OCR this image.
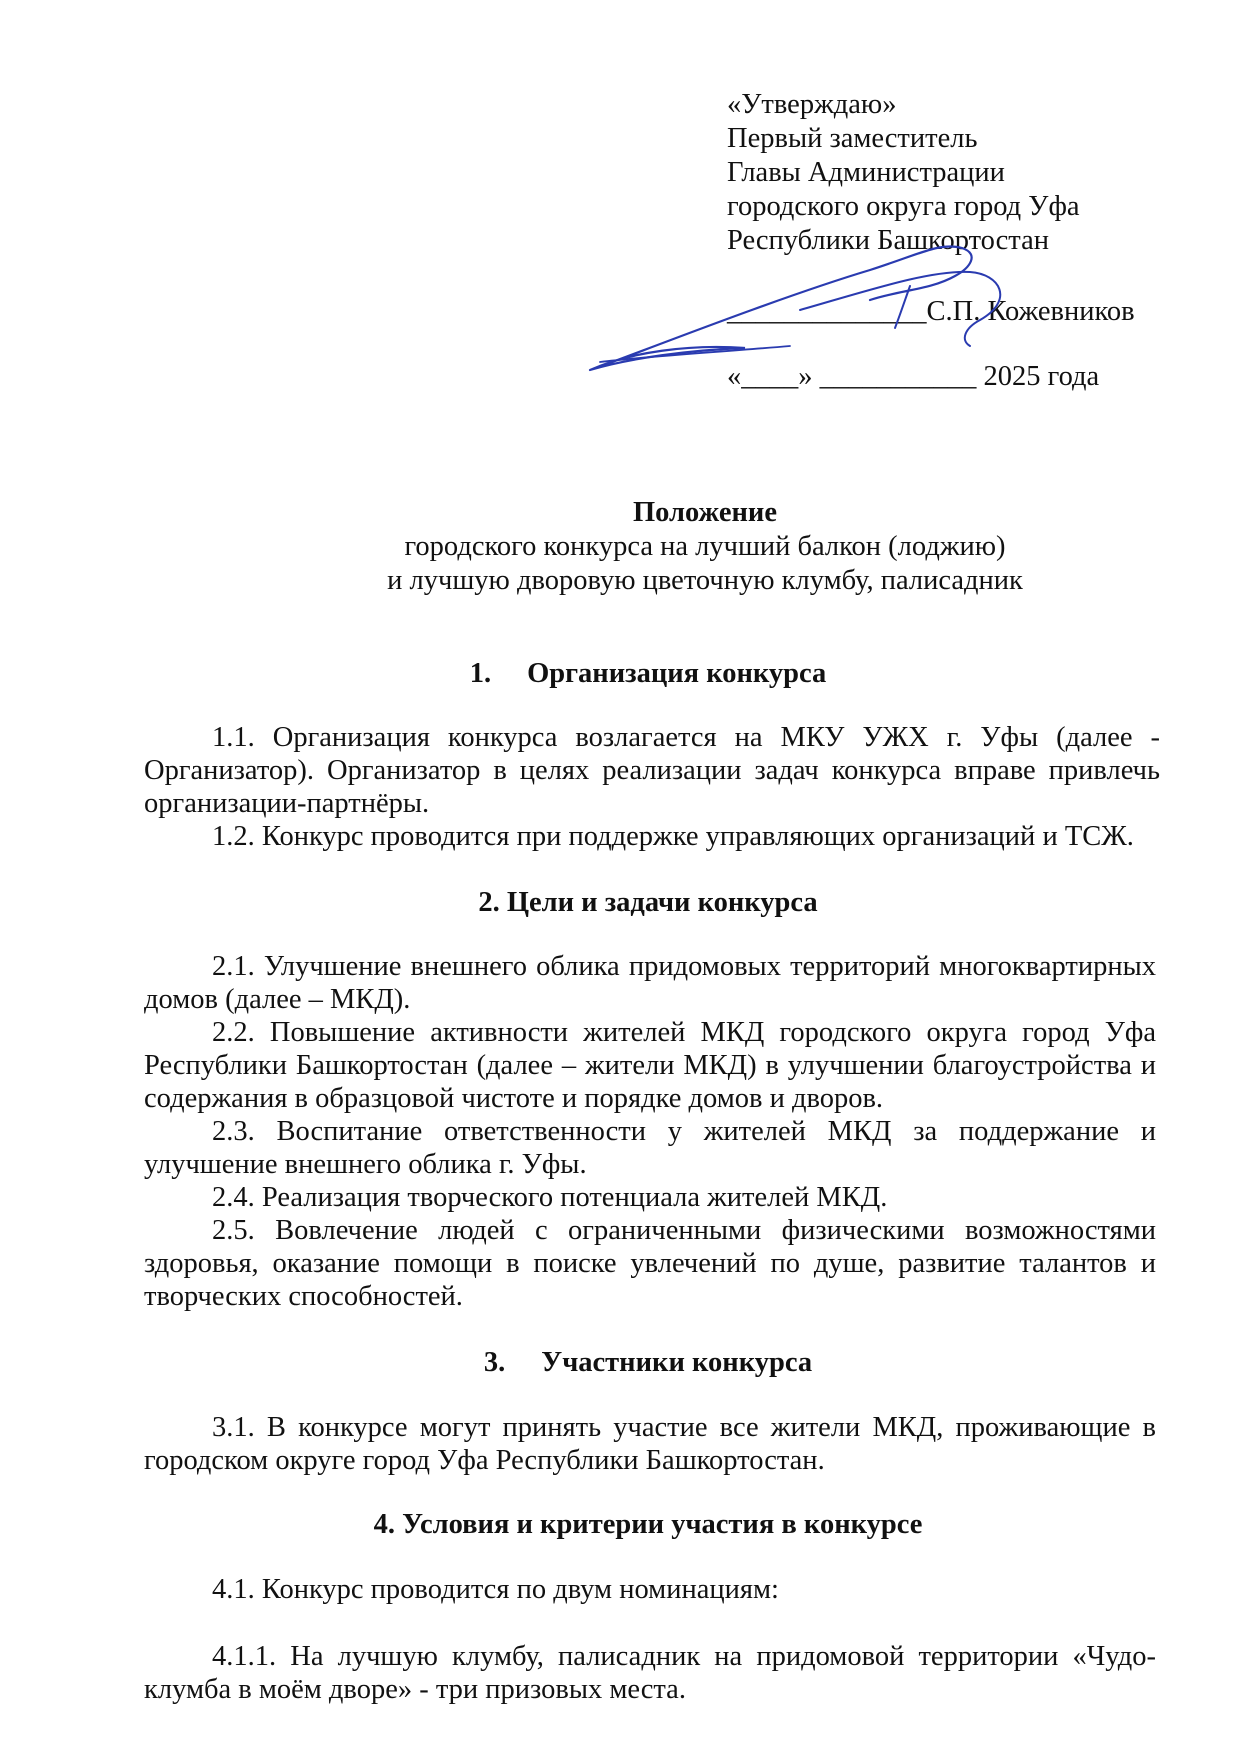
«Утверждаю»
Первый заместитель
Главы Администрации
городского округа город Уфа
Республики Башкортостан
______________С.П. Кожевников
«____» ___________ 2025 года
Положение
городского конкурса на лучший балкон (лоджию)
и лучшую дворовую цветочную клумбу, палисадник
1. Организация конкурса
1.1. Организация конкурса возлагается на МКУ УЖХ г. Уфы (далее - Организатор). Организатор в целях реализации задач конкурса вправе привлечь организации-партнёры.
1.2. Конкурс проводится при поддержке управляющих организаций и ТСЖ.
2. Цели и задачи конкурса
2.1. Улучшение внешнего облика придомовых территорий многоквартирных домов (далее – МКД).
2.2. Повышение активности жителей МКД городского округа город Уфа Республики Башкортостан (далее – жители МКД) в улучшении благоустройства и содержания в образцовой чистоте и порядке домов и дворов.
2.3. Воспитание ответственности у жителей МКД за поддержание и улучшение внешнего облика г. Уфы.
2.4. Реализация творческого потенциала жителей МКД.
2.5. Вовлечение людей с ограниченными физическими возможностями здоровья, оказание помощи в поиске увлечений по душе, развитие талантов и творческих способностей.
3. Участники конкурса
3.1. В конкурсе могут принять участие все жители МКД, проживающие в городском округе город Уфа Республики Башкортостан.
4. Условия и критерии участия в конкурсе
4.1. Конкурс проводится по двум номинациям:
4.1.1. На лучшую клумбу, палисадник на придомовой территории «Чудо-клумба в моём дворе» - три призовых места.
